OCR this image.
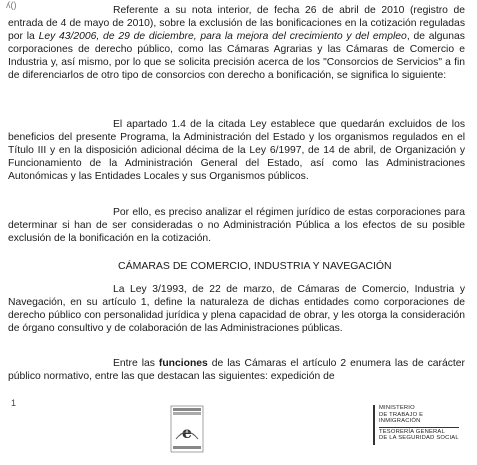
ʎ()	Referente a su nota interior, de fecha 26 de abril de 2010 (registro de entrada de 4 de mayo de 2010), sobre la exclusión de las bonificaciones en la cotización reguladas por la Ley 43/2006, de 29 de diciembre, para la mejora del crecimiento y del empleo, de algunas corporaciones de derecho público, como las Cámaras Agrarias y las Cámaras de Comercio e Industria y, así mismo, por lo que se solicita precisión acerca de los "Consorcios de Servicios" a fin de diferenciarlos de otro tipo de consorcios con derecho a bonificación, se significa lo siguiente:

El apartado 1.4 de la citada Ley establece que quedarán excluidos de los beneficios del presente Programa, la Administración del Estado y los organismos regulados en el Título III y en la disposición adicional décima de la Ley 6/1997, de 14 de abril, de Organización y Funcionamiento de la Administración General del Estado, así como las Administraciones Autonómicas y las Entidades Locales y sus Organismos públicos.

Por ello, es preciso analizar el régimen jurídico de estas corporaciones para determinar si han de ser consideradas o no Administración Pública a los efectos de su posible exclusión de la bonificación en la cotización.

CÁMARAS DE COMERCIO, INDUSTRIA Y NAVEGACIÓN

La Ley 3/1993, de 22 de marzo, de Cámaras de Comercio, Industria y Navegación, en su artículo 1, define la naturaleza de dichas entidades como corporaciones de derecho público con personalidad jurídica y plena capacidad de obrar, y les otorga la consideración de órgano consultivo y de colaboración de las Administraciones públicas.

Entre las funciones de las Cámaras el artículo 2 enumera las de carácter público normativo, entre las que destacan las siguientes: expedición de

1
e
MINISTERIO
DE TRABAJO E
INMIGRACIÓN
TESORERÍA GENERAL
DE LA SEGURIDAD SOCIAL
